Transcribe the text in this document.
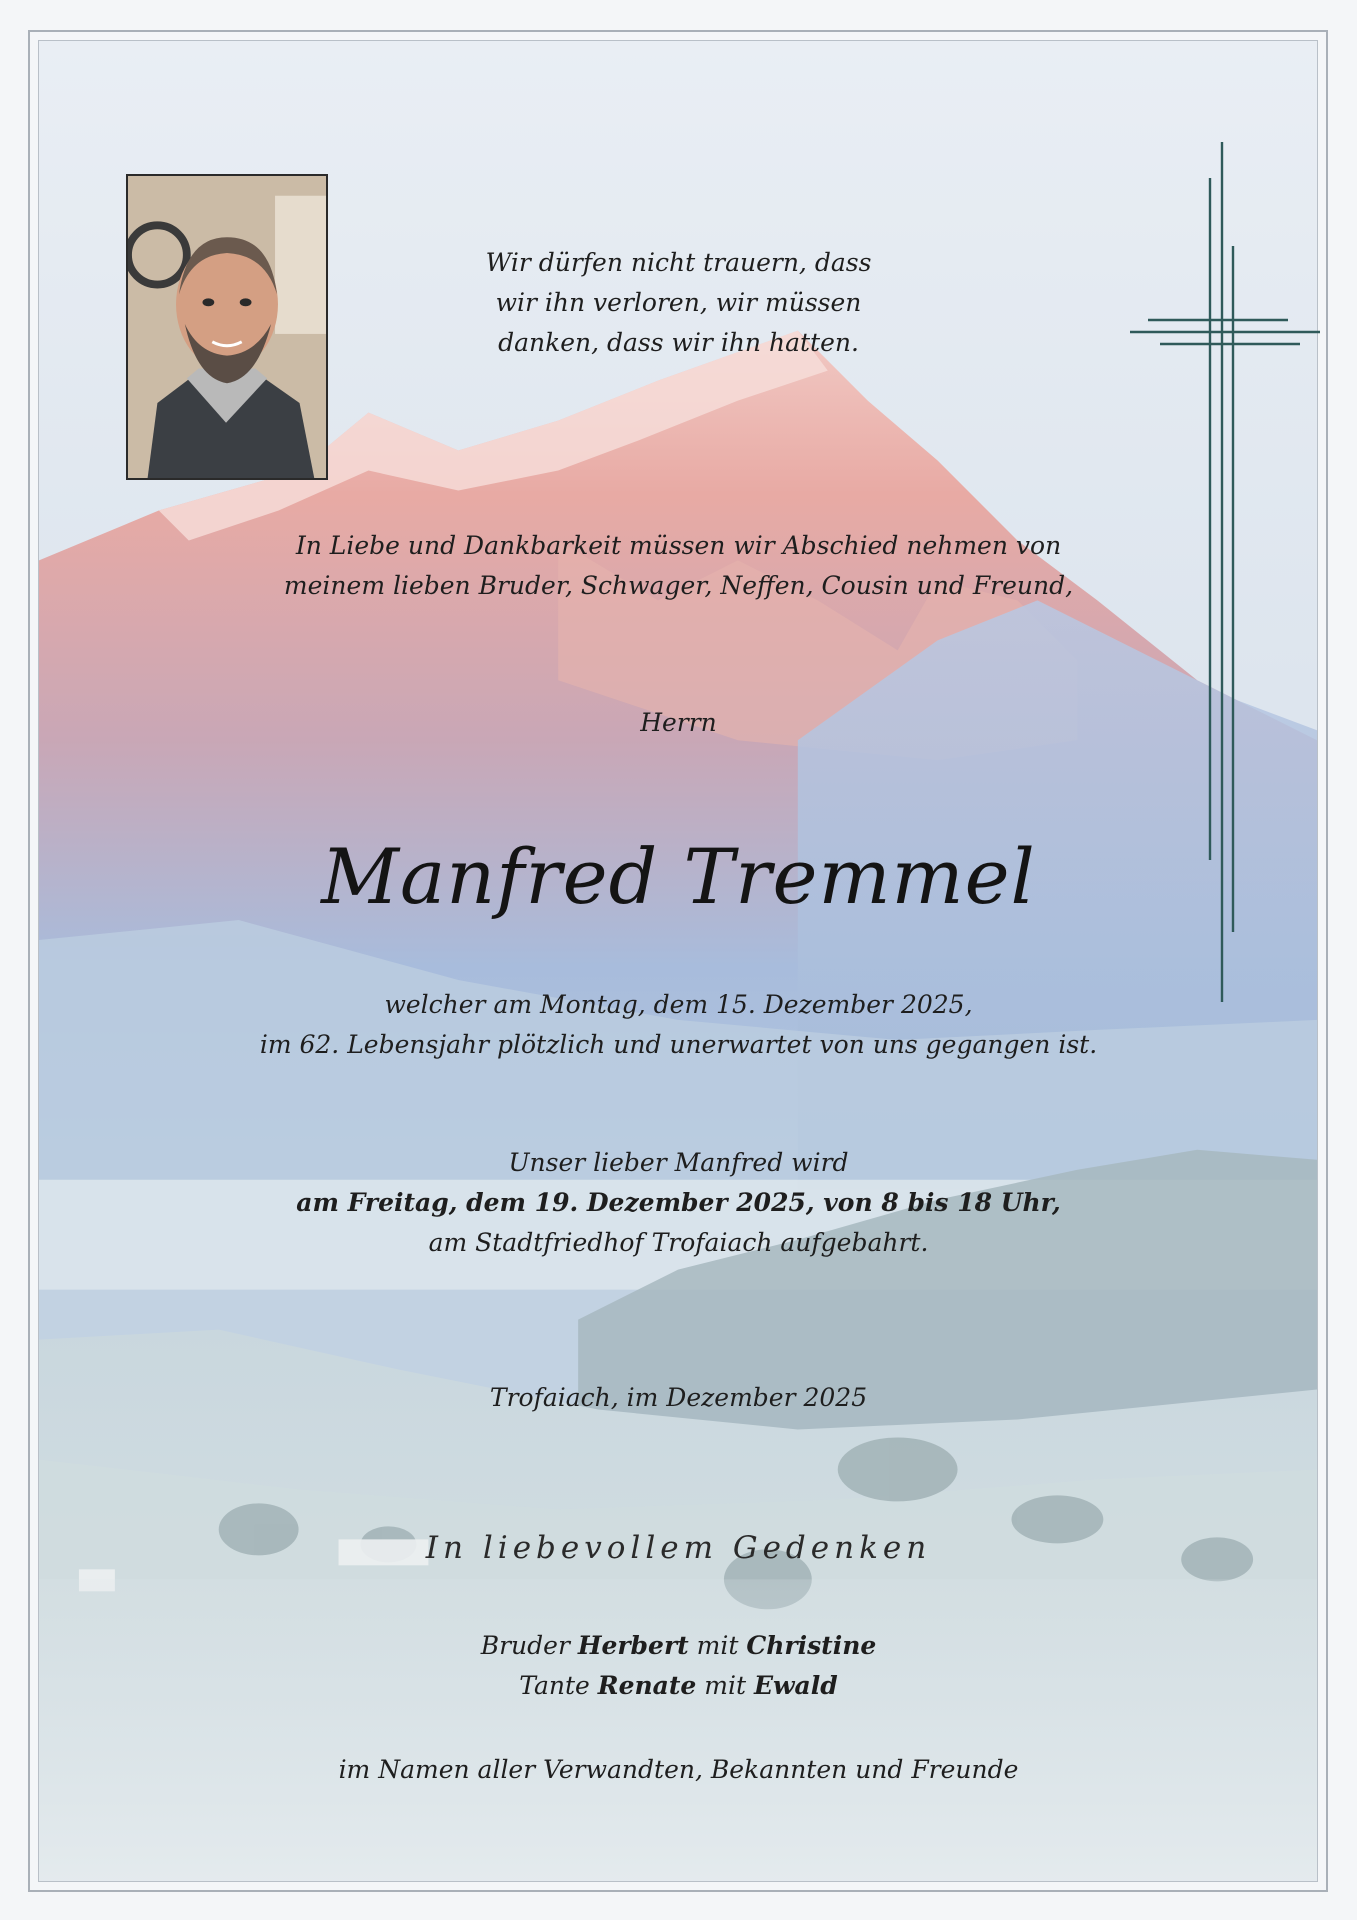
Wir dürfen nicht trauern, dass
wir ihn verloren, wir müssen
danken, dass wir ihn hatten.
In Liebe und Dankbarkeit müssen wir Abschied nehmen von
meinem lieben Bruder, Schwager, Neffen, Cousin und Freund,
Herrn
Manfred Tremmel
welcher am Montag, dem 15. Dezember 2025,
im 62. Lebensjahr plötzlich und unerwartet von uns gegangen ist.
Unser lieber Manfred wird
am Freitag, dem 19. Dezember 2025, von 8 bis 18 Uhr,
am Stadtfriedhof Trofaiach aufgebahrt.
Trofaiach, im Dezember 2025
In liebevollem Gedenken
Bruder Herbert mit Christine
Tante Renate mit Ewald
im Namen aller Verwandten, Bekannten und Freunde
